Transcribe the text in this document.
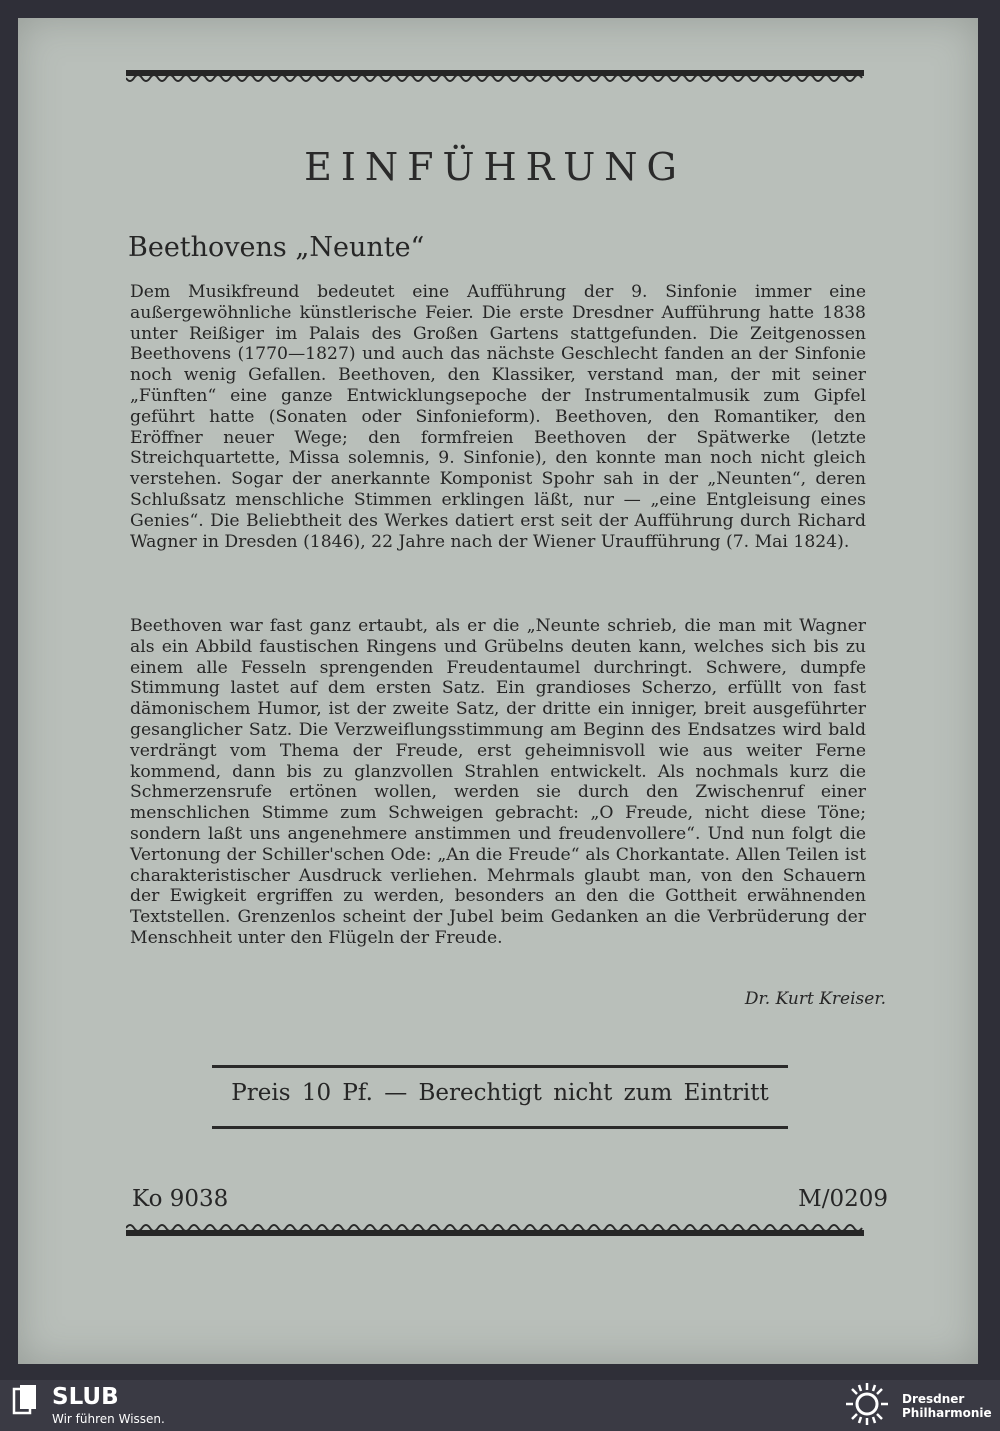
EINFÜHRUNG
Beethovens „Neunte“
Dem Musikfreund bedeutet eine Aufführung der 9. Sinfonie immer eine außergewöhnliche künstlerische Feier. Die erste Dresdner Aufführung hatte 1838 unter Reißiger im Palais des Großen Gartens stattgefunden. Die Zeitgenossen Beethovens (1770—1827) und auch das nächste Geschlecht fanden an der Sinfonie noch wenig Gefallen. Beethoven, den Klassiker, verstand man, der mit seiner „Fünften“ eine ganze Entwicklungsepoche der Instrumentalmusik zum Gipfel geführt hatte (Sonaten oder Sinfonieform). Beethoven, den Romantiker, den Eröffner neuer Wege; den formfreien Beethoven der Spätwerke (letzte Streichquartette, Missa solemnis, 9. Sinfonie), den konnte man noch nicht gleich verstehen. Sogar der anerkannte Komponist Spohr sah in der „Neunten“, deren Schlußsatz menschliche Stimmen erklingen läßt, nur — „eine Entgleisung eines Genies“. Die Beliebtheit des Werkes datiert erst seit der Aufführung durch Richard Wagner in Dresden (1846), 22 Jahre nach der Wiener Uraufführung (7. Mai 1824).
Beethoven war fast ganz ertaubt, als er die „Neunte schrieb, die man mit Wagner als ein Abbild faustischen Ringens und Grübelns deuten kann, welches sich bis zu einem alle Fesseln sprengenden Freudentaumel durchringt. Schwere, dumpfe Stimmung lastet auf dem ersten Satz. Ein grandioses Scherzo, erfüllt von fast dämonischem Humor, ist der zweite Satz, der dritte ein inniger, breit ausgeführter gesanglicher Satz. Die Verzweiflungsstimmung am Beginn des Endsatzes wird bald verdrängt vom Thema der Freude, erst geheimnisvoll wie aus weiter Ferne kommend, dann bis zu glanzvollen Strahlen entwickelt. Als nochmals kurz die Schmerzensrufe ertönen wollen, werden sie durch den Zwischenruf einer menschlichen Stimme zum Schweigen gebracht: „O Freude, nicht diese Töne; sondern laßt uns angenehmere anstimmen und freudenvollere“. Und nun folgt die Vertonung der Schiller'schen Ode: „An die Freude“ als Chorkantate. Allen Teilen ist charakteristischer Ausdruck verliehen. Mehrmals glaubt man, von den Schauern der Ewigkeit ergriffen zu werden, besonders an den die Gottheit erwähnenden Textstellen. Grenzenlos scheint der Jubel beim Gedanken an die Verbrüderung der Menschheit unter den Flügeln der Freude.
Dr. Kurt Kreiser.
Preis 10 Pf. — Berechtigt nicht zum Eintritt
Ko 9038	M/0209
SLUB
Wir führen Wissen.
Dresdner
Philharmonie
